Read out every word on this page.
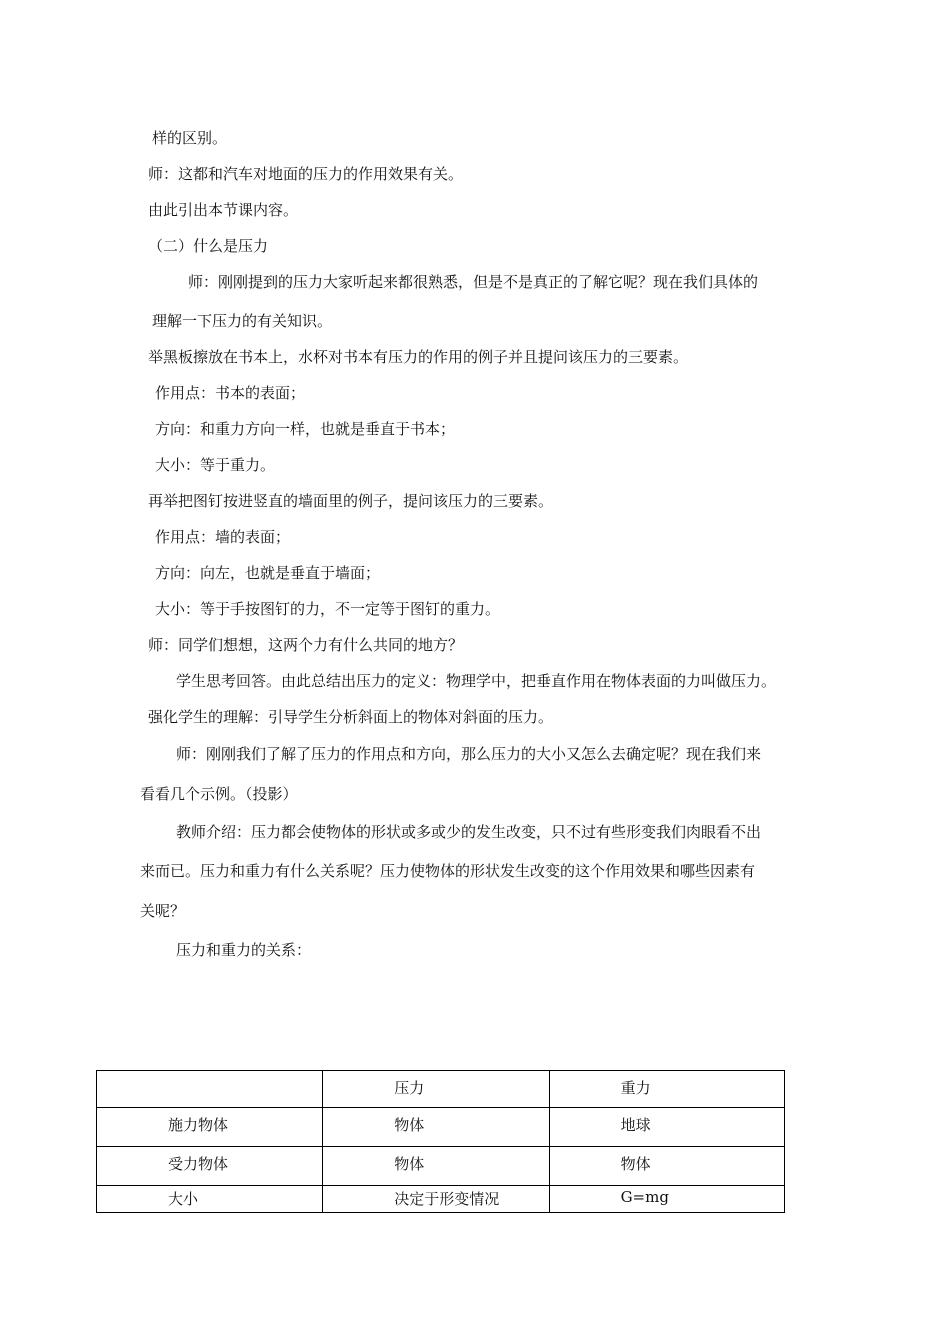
样的区别。
师：这都和汽车对地面的压力的作用效果有关。
由此引出本节课内容。
（二）什么是压力
师：刚刚提到的压力大家听起来都很熟悉，但是不是真正的了解它呢？现在我们具体的
理解一下压力的有关知识。
举黑板擦放在书本上，水杯对书本有压力的作用的例子并且提问该压力的三要素。
作用点：书本的表面；
方向：和重力方向一样，也就是垂直于书本；
大小：等于重力。
再举把图钉按进竖直的墙面里的例子，提问该压力的三要素。
作用点：墙的表面；
方向：向左，也就是垂直于墙面；
大小：等于手按图钉的力，不一定等于图钉的重力。
师：同学们想想，这两个力有什么共同的地方？
学生思考回答。由此总结出压力的定义：物理学中，把垂直作用在物体表面的力叫做压力。
强化学生的理解：引导学生分析斜面上的物体对斜面的压力。
师：刚刚我们了解了压力的作用点和方向，那么压力的大小又怎么去确定呢？现在我们来
看看几个示例。（投影）
教师介绍：压力都会使物体的形状或多或少的发生改变，只不过有些形变我们肉眼看不出
来而已。压力和重力有什么关系呢？压力使物体的形状发生改变的这个作用效果和哪些因素有
关呢？
压力和重力的关系：

	压力	重力

施力物体	物体	地球

受力物体	物体	物体

大小	决定于形变情况	G=mg
